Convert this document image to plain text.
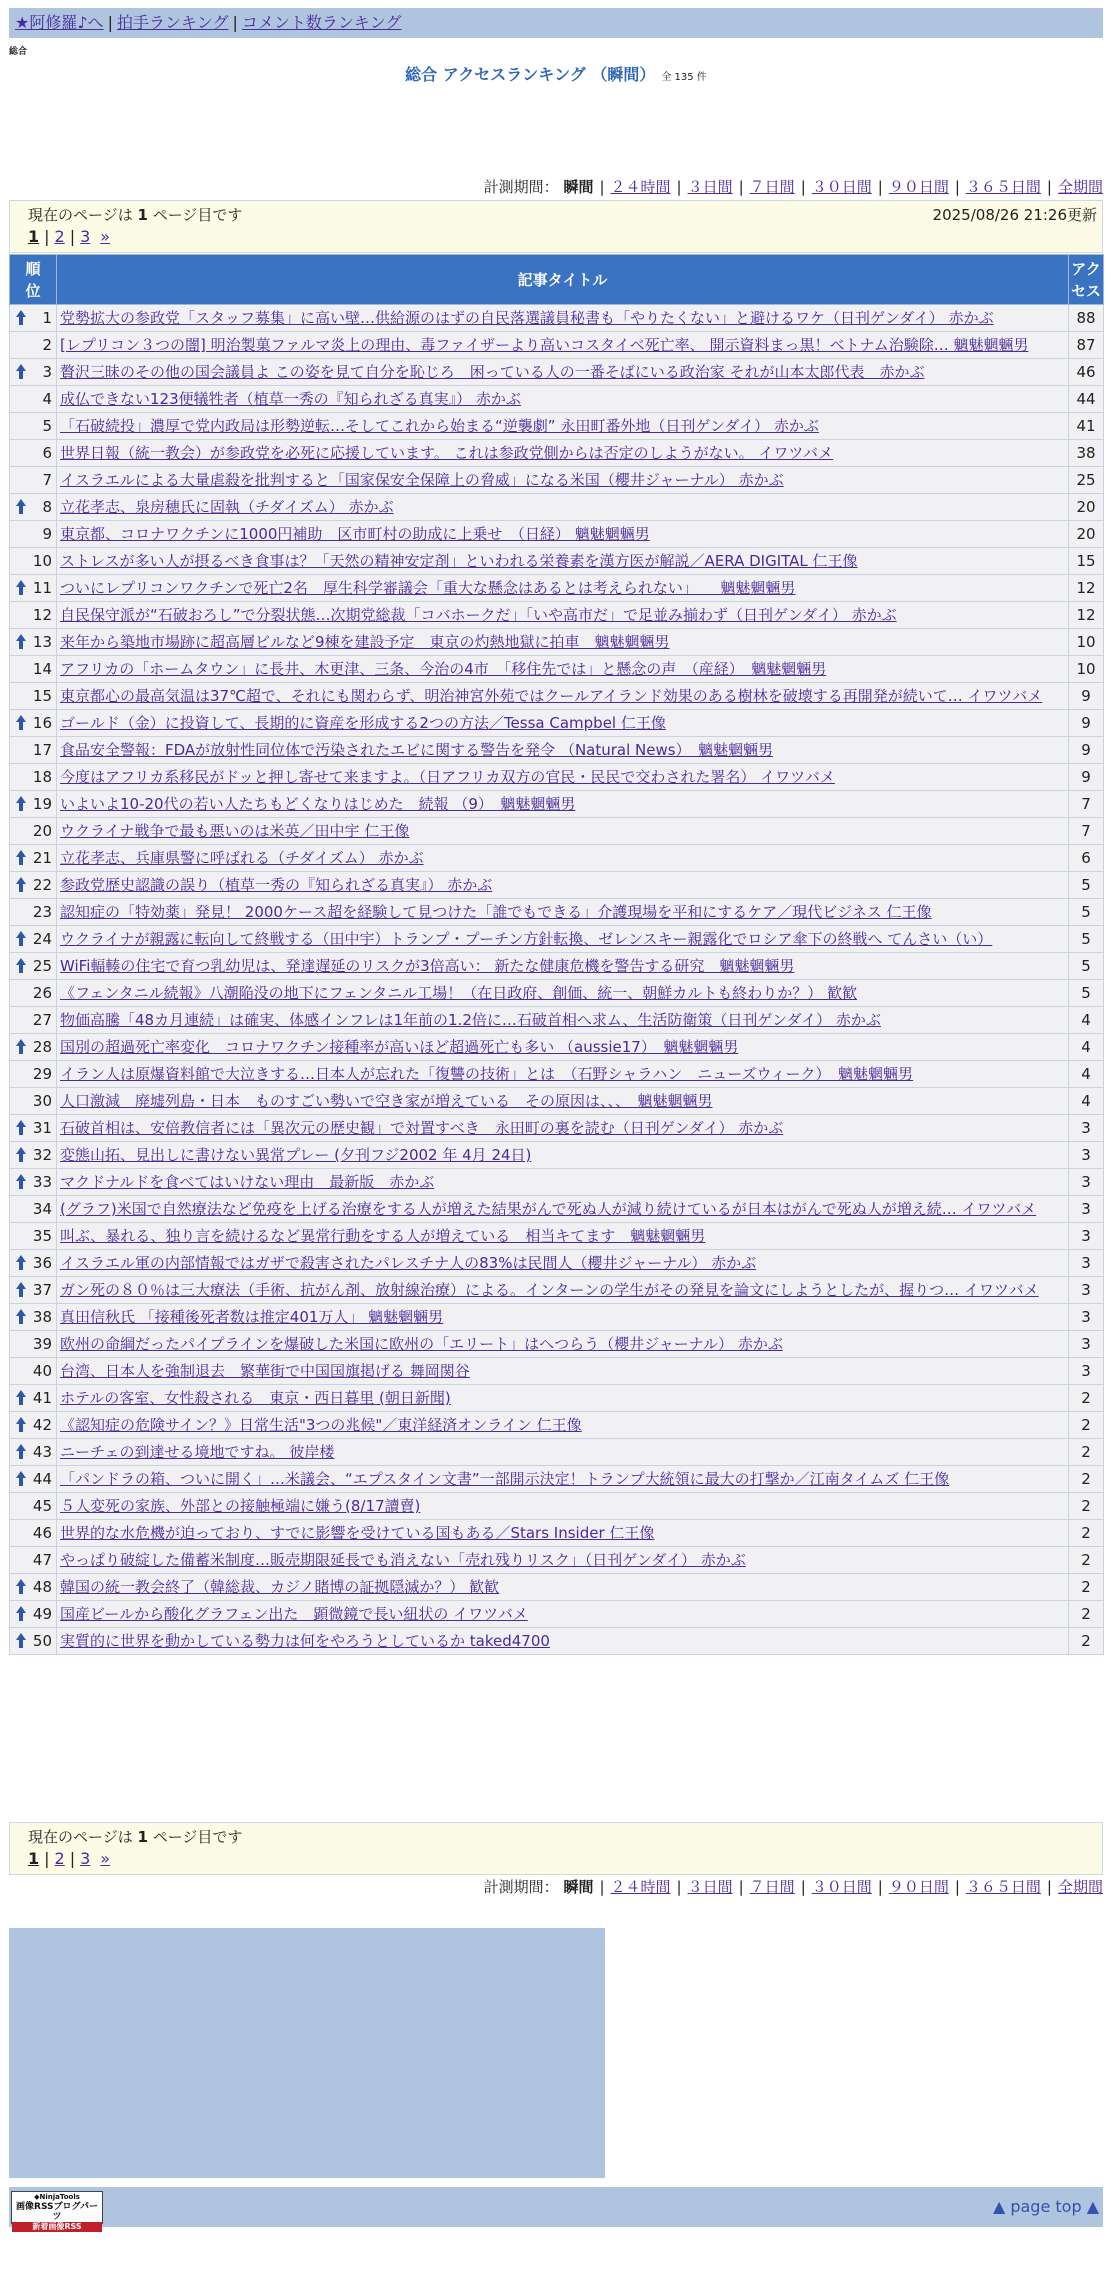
★阿修羅♪へ | 拍手ランキング | コメント数ランキング
総合
総合 アクセスランキング （瞬間） 全 135 件
計測期間： 瞬間 | ２４時間 | ３日間 | ７日間 | ３０日間 | ９０日間 | ３６５日間 | 全期間
現在のページは 1 ページ目です	2025/08/26 21:26更新
1 | 2 | 3 »
順
位	記事タイトル	アク
セス

1	党勢拡大の参政党「スタッフ募集」に高い壁…供給源のはずの自民落選議員秘書も「やりたくない」と避けるワケ（日刊ゲンダイ） 赤かぶ	88
2	[レプリコン３つの闇] 明治製菓ファルマ炎上の理由、毒ファイザーより高いコスタイベ死亡率、 開示資料まっ黒！ベトナム治験除… 魑魅魍魎男	87

3	贅沢三昧のその他の国会議員よ この姿を見て自分を恥じろ　困っている人の一番そばにいる政治家 それが山本太郎代表　赤かぶ	46
4	成仏できない123便犠牲者（植草一秀の『知られざる真実』） 赤かぶ	44
5	「石破続投」濃厚で党内政局は形勢逆転…そしてこれから始まる“逆襲劇” 永田町番外地（日刊ゲンダイ） 赤かぶ	41
6	世界日報（統一教会）が参政党を必死に応援しています。 これは参政党側からは否定のしようがない。 イワツバメ	38
7	イスラエルによる大量虐殺を批判すると「国家保安全保障上の脅威」になる米国（櫻井ジャーナル） 赤かぶ	25

8	立花孝志、泉房穂氏に固執（チダイズム） 赤かぶ	20
9	東京都、コロナワクチンに1000円補助　区市町村の助成に上乗せ　（日経） 魑魅魍魎男	20
10	ストレスが多い人が摂るべき食事は？「天然の精神安定剤」といわれる栄養素を漢方医が解説／AERA DIGITAL 仁王像	15

11	ついにレプリコンワクチンで死亡2名　厚生科学審議会「重大な懸念はあるとは考えられない」　　魑魅魍魎男	12
12	自民保守派が“石破おろし”で分裂状態…次期党総裁「コバホークだ」「いや高市だ」で足並み揃わず（日刊ゲンダイ） 赤かぶ	12

13	来年から築地市場跡に超高層ビルなど9棟を建設予定　東京の灼熱地獄に拍車　魑魅魍魎男	10
14	アフリカの「ホームタウン」に長井、木更津、三条、今治の4市　「移住先では」と懸念の声　（産経）　魑魅魍魎男	10
15	東京都心の最高気温は37℃超で、それにも関わらず、明治神宮外苑ではクールアイランド効果のある樹林を破壊する再開発が続いて… イワツバメ	9

16	ゴールド（金）に投資して、長期的に資産を形成する2つの方法／Tessa Campbel 仁王像	9
17	食品安全警報：FDAが放射性同位体で汚染されたエビに関する警告を発令 （Natural News）　魑魅魍魎男	9
18	今度はアフリカ系移民がドッと押し寄せて来ますよ。（日アフリカ双方の官民・民民で交わされた署名） イワツバメ	9

19	いよいよ10-20代の若い人たちもどくなりはじめた　続報 （9）　魑魅魍魎男	7
20	ウクライナ戦争で最も悪いのは米英／田中宇 仁王像	7

21	立花孝志、兵庫県警に呼ばれる（チダイズム） 赤かぶ	6

22	参政党歴史認識の誤り（植草一秀の『知られざる真実』） 赤かぶ	5
23	認知症の「特効薬」発見！ 2000ケース超を経験して見つけた「誰でもできる」介護現場を平和にするケア／現代ビジネス 仁王像	5

24	ウクライナが親露に転向して終戦する（田中宇）トランプ・プーチン方針転換、ゼレンスキー親露化でロシア傘下の終戦へ てんさい（い）	5

25	WiFi輻輳の住宅で育つ乳幼児は、発達遅延のリスクが3倍高い： 新たな健康危機を警告する研究　魑魅魍魎男	5
26	《フェンタニル続報》八潮陥没の地下にフェンタニル工場！（在日政府、創価、統一、朝鮮カルトも終わりか？） 歓歓	5
27	物価高騰「48カ月連続」は確実、体感インフレは1年前の1.2倍に…石破首相へ求ム、生活防衛策（日刊ゲンダイ） 赤かぶ	4

28	国別の超過死亡率変化　コロナワクチン接種率が高いほど超過死亡も多い （aussie17）　魑魅魍魎男	4
29	イラン人は原爆資料館で大泣きする…日本人が忘れた「復讐の技術」とは　（石野シャラハン　ニューズウィーク）　魑魅魍魎男	4
30	人口激減　廃墟列島・日本　ものすごい勢いで空き家が増えている　その原因は、、、　魑魅魍魎男	4

31	石破首相は、安倍教信者には「異次元の歴史観」で対置すべき　永田町の裏を読む（日刊ゲンダイ） 赤かぶ	3

32	変態山拓、見出しに書けない異常プレー (夕刊フジ2002 年 4月 24日)	3

33	マクドナルドを食べてはいけない理由　最新版　赤かぶ	3
34	(グラフ)米国で自然療法など免疫を上げる治療をする人が増えた結果がんで死ぬ人が減り続けているが日本はがんで死ぬ人が増え続… イワツバメ	3
35	叫ぶ、暴れる、独り言を続けるなど異常行動をする人が増えている　相当キてます　魑魅魍魎男	3

36	イスラエル軍の内部情報ではガザで殺害されたパレスチナ人の83%は民間人（櫻井ジャーナル） 赤かぶ	3

37	ガン死の８０％は三大療法（手術、抗がん剤、放射線治療）による。インターンの学生がその発見を論文にしようとしたが、握りつ… イワツバメ	3

38	真田信秋氏 「接種後死者数は推定401万人」 魑魅魍魎男	3
39	欧州の命綱だったパイプラインを爆破した米国に欧州の「エリート」はへつらう（櫻井ジャーナル） 赤かぶ	3
40	台湾、日本人を強制退去　繁華街で中国国旗掲げる 舞岡関谷	3

41	ホテルの客室、女性殺される　東京・西日暮里 (朝日新聞)	2

42	《認知症の危険サイン？》日常生活"3つの兆候"／東洋経済オンライン 仁王像	2

43	ニーチェの到達せる境地ですね。 彼岸楼	2

44	「パンドラの箱、ついに開く」…米議会、“エプスタイン文書”一部開示決定！トランプ大統領に最大の打撃か／江南タイムズ 仁王像	2
45	５人変死の家族、外部との接触極端に嫌う(8/17讀賣)	2
46	世界的な水危機が迫っており、すでに影響を受けている国もある／Stars Insider 仁王像	2
47	やっぱり破綻した備蓄米制度…販売期限延長でも消えない「売れ残りリスク」（日刊ゲンダイ） 赤かぶ	2

48	韓国の統一教会終了（韓総裁、カジノ賭博の証拠隠滅か？） 歓歓	2

49	国産ビールから酸化グラフェン出た　顕微鏡で長い紐状の イワツバメ	2

50	実質的に世界を動かしている勢力は何をやろうとしているか taked4700	2
計測期間： 瞬間 | ２４時間 | ３日間 | ７日間 | ３０日間 | ９０日間 | ３６５日間 | 全期間
現在のページは 1 ページ目です
1 | 2 | 3 »
◆NinjaTools
画像RSSブログパーツ
新着画像RSS
▲ page top ▲
